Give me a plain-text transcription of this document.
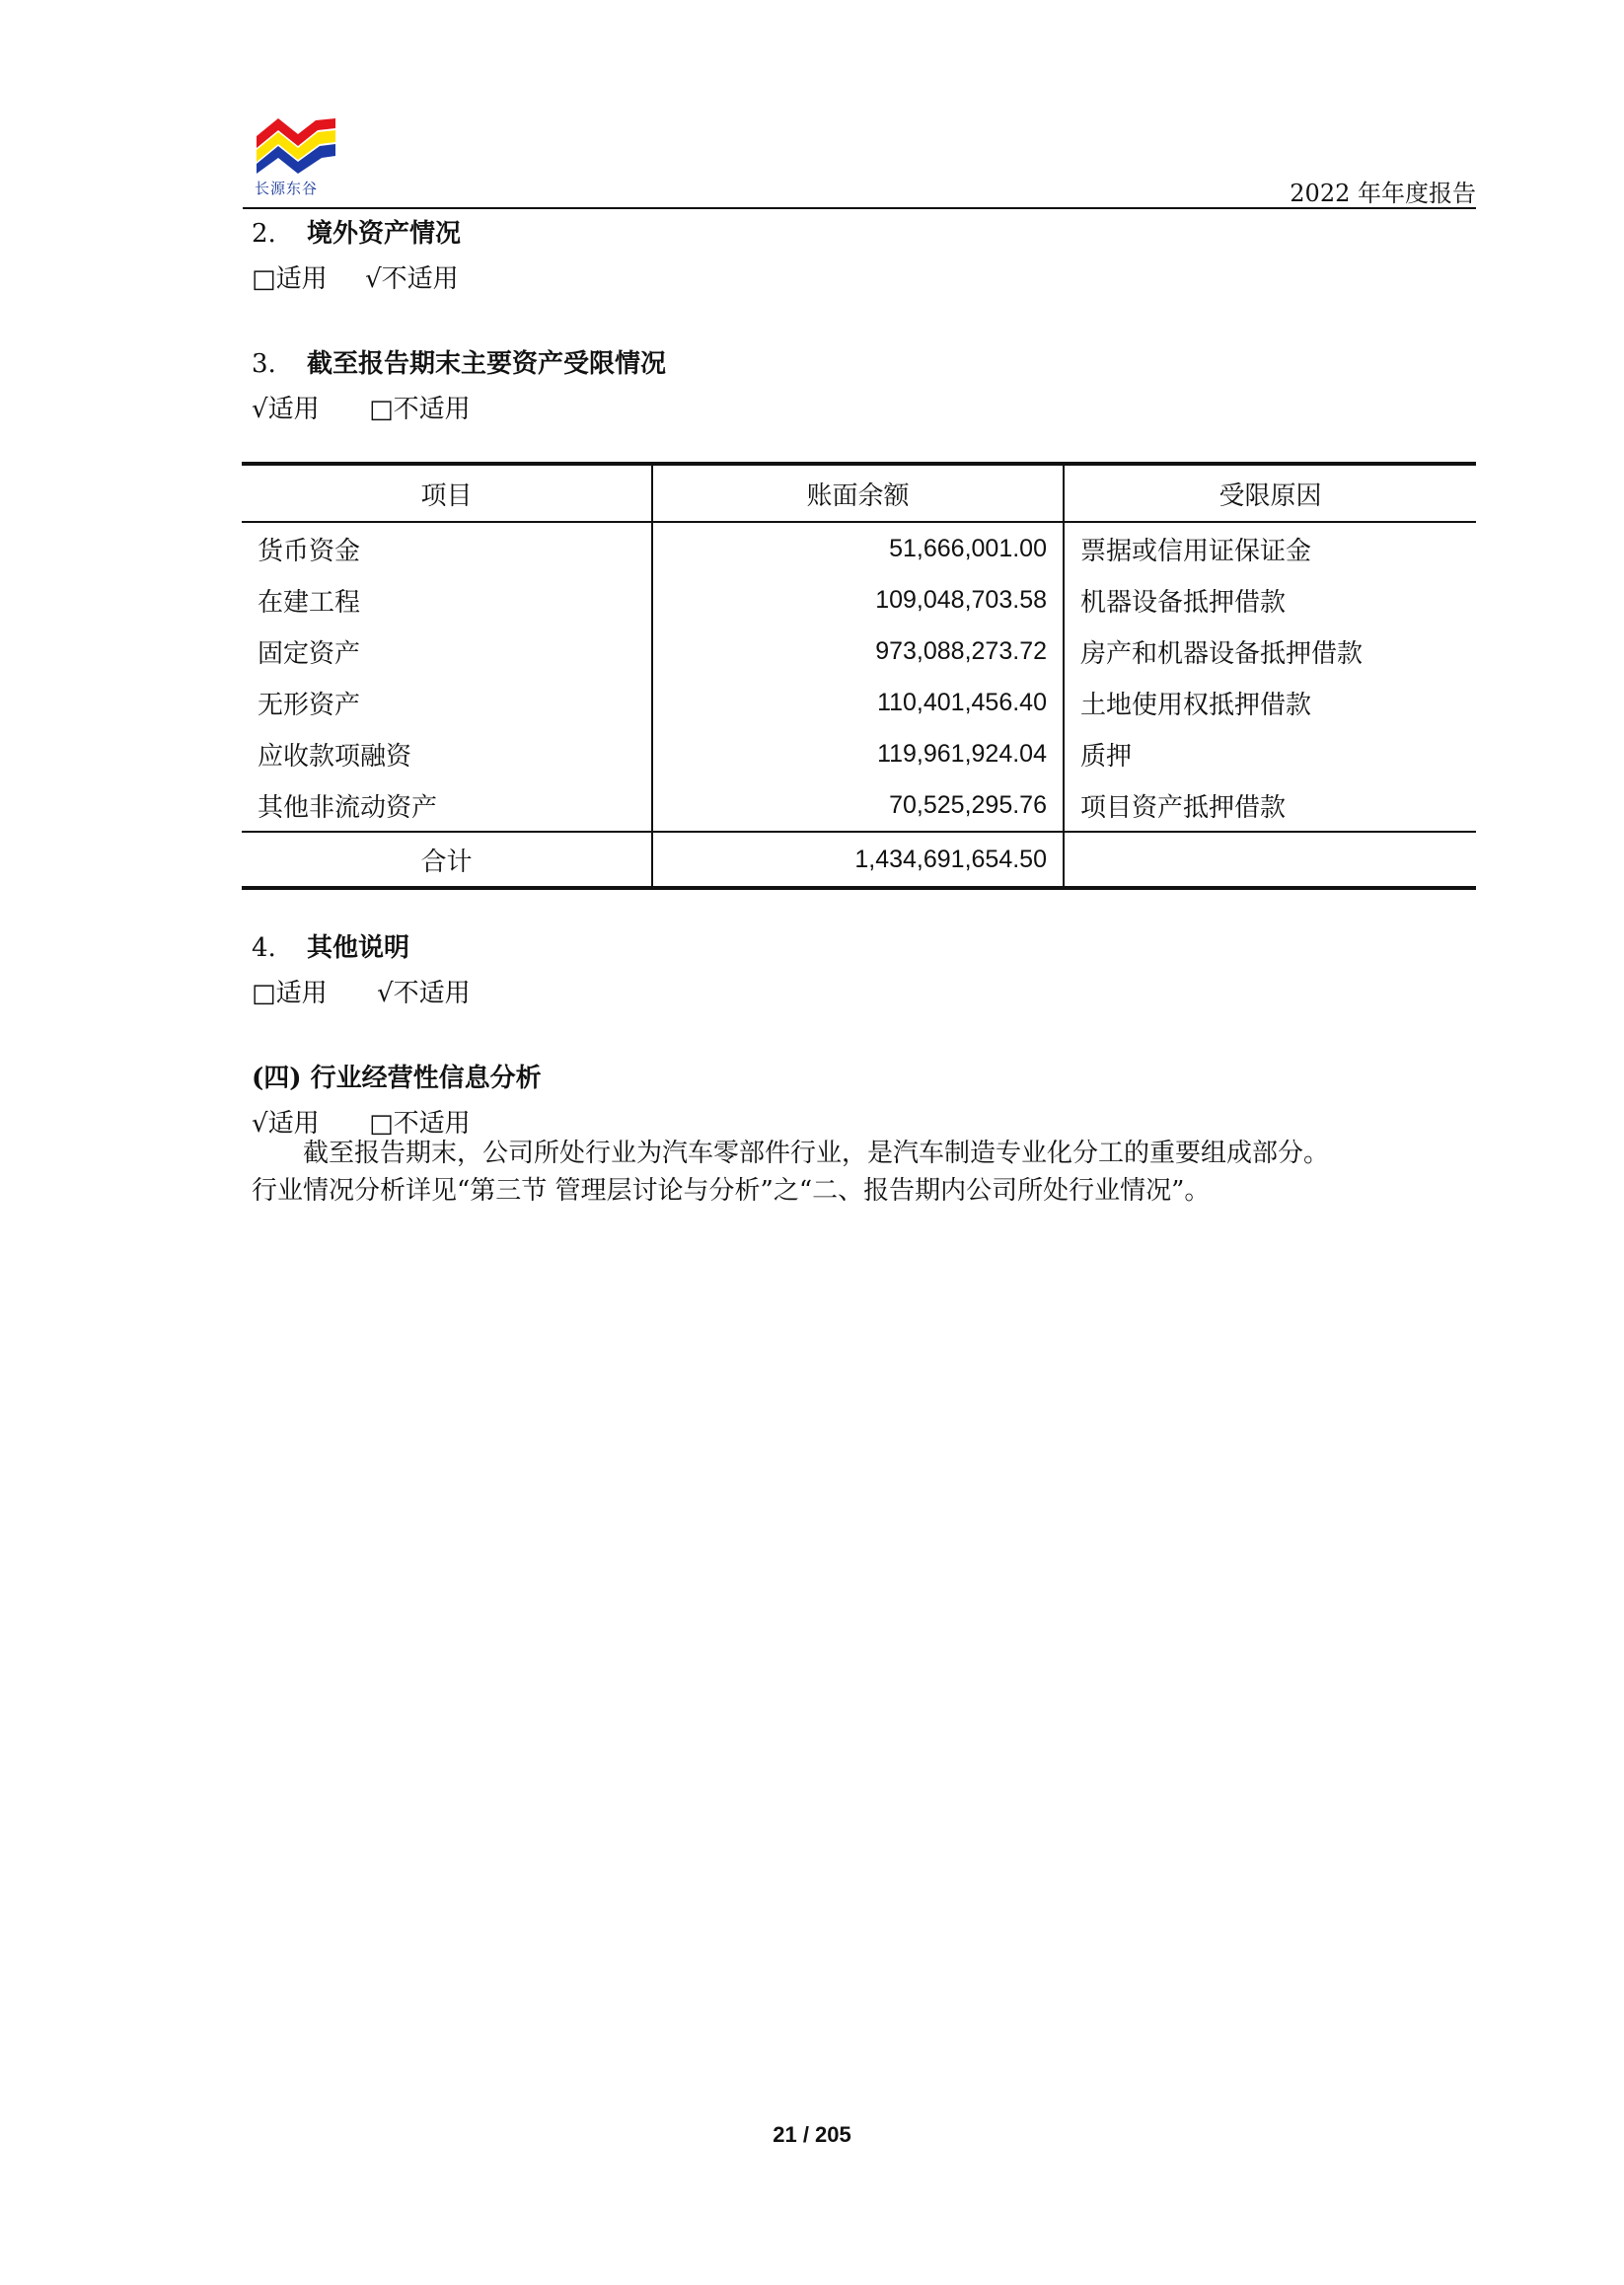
长源东谷	2022 年年度报告
2. 境外资产情况
□适用 √不适用
3. 截至报告期末主要资产受限情况
√适用 □不适用
项目	账面余额	受限原因
货币资金	51,666,001.00	票据或信用证保证金
在建工程	109,048,703.58	机器设备抵押借款
固定资产	973,088,273.72	房产和机器设备抵押借款
无形资产	110,401,456.40	土地使用权抵押借款
应收款项融资	119,961,924.04	质押
其他非流动资产	70,525,295.76	项目资产抵押借款
合计	1,434,691,654.50	
4. 其他说明
□适用 √不适用
(四) 行业经营性信息分析
√适用 □不适用
截至报告期末，公司所处行业为汽车零部件行业，是汽车制造专业化分工的重要组成部分。
行业情况分析详见“第三节 管理层讨论与分析”之“二、报告期内公司所处行业情况”。
21 / 205
